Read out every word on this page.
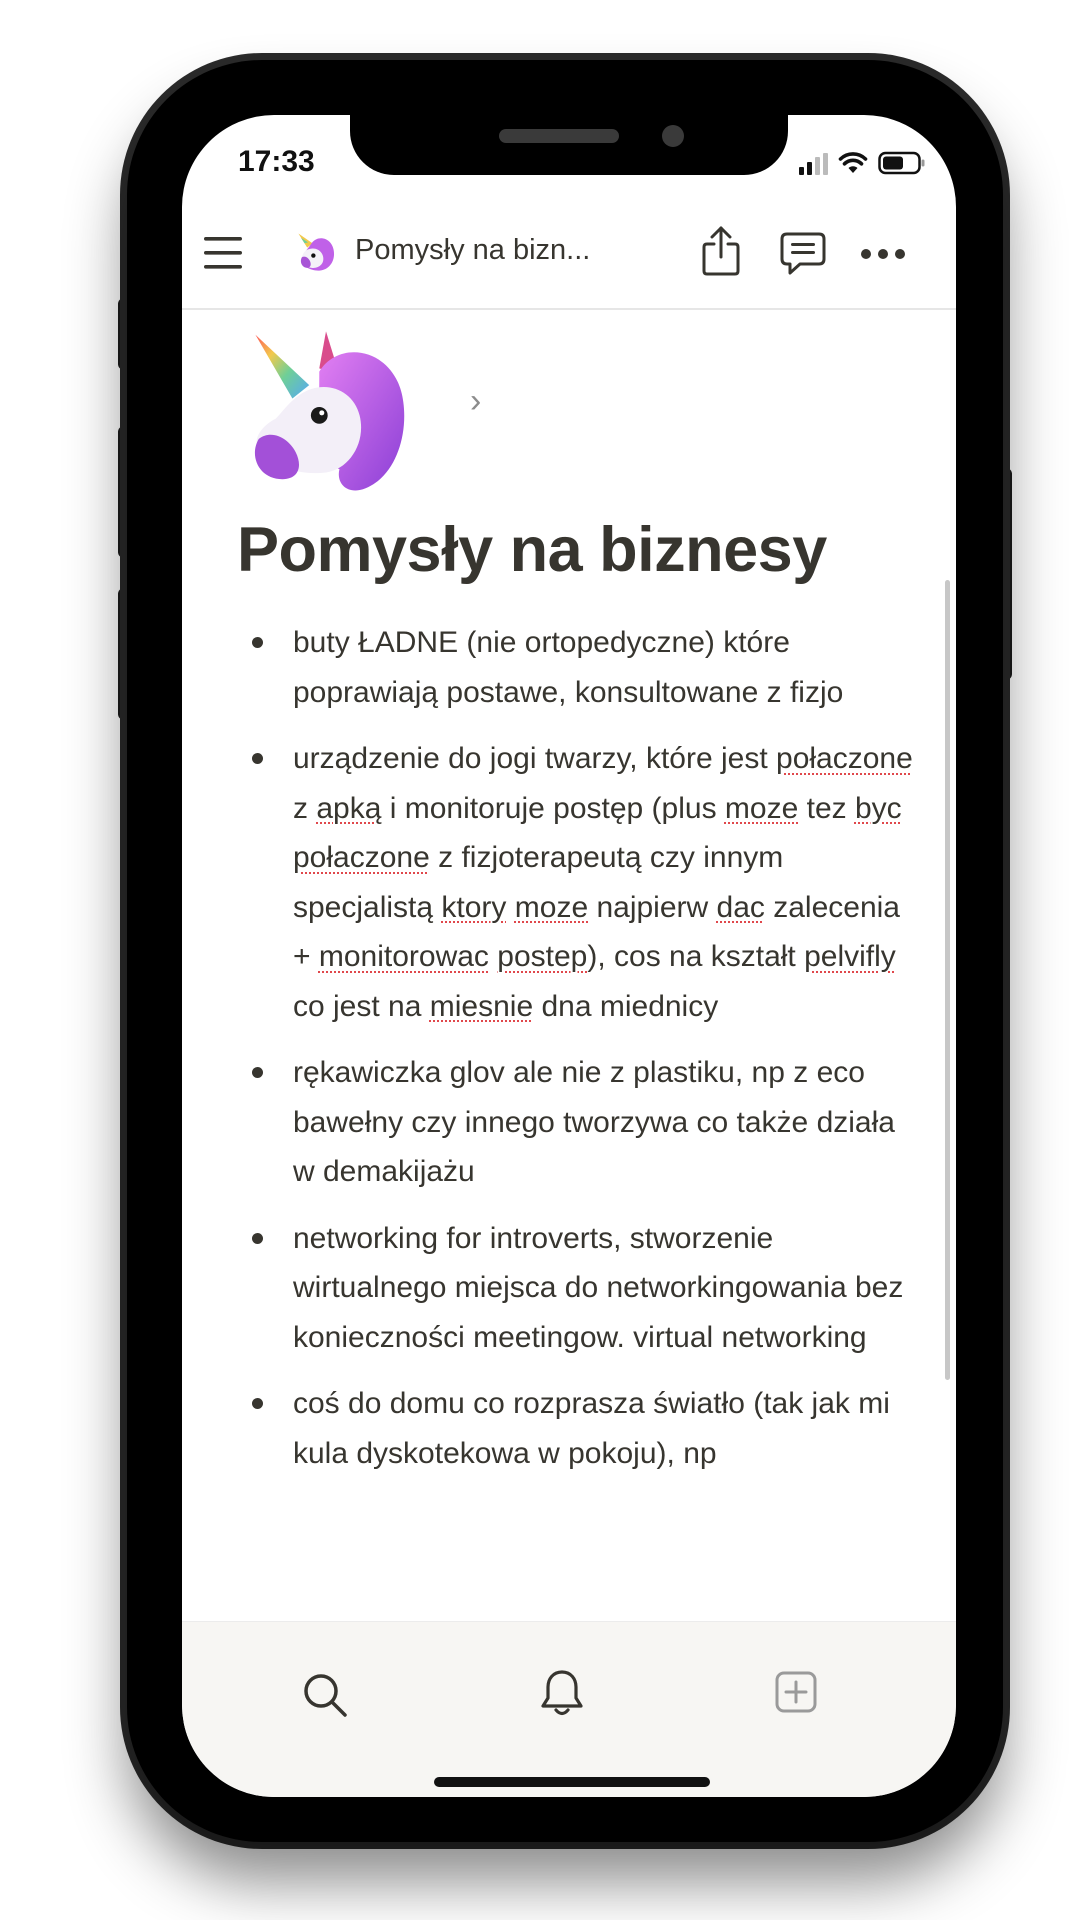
17:33
Pomysły na bizn...
›
Pomysły na biznesy
buty ŁADNE (nie ortopedyczne) które poprawiają postawe, konsultowane z fizjo
urządzenie do jogi twarzy, które jest połaczone z apką i monitoruje postęp (plus moze tez byc połaczone z fizjoterapeutą czy innym specjalistą ktory moze najpierw dac zalecenia + monitorowac postep), cos na kształt pelvifly co jest na miesnie dna miednicy
rękawiczka glov ale nie z plastiku, np z eco bawełny czy innego tworzywa co także działa w demakijażu
networking for introverts, stworzenie wirtualnego miejsca do networkingowania bez konieczności meetingow. virtual networking
coś do domu co rozprasza światło (tak jak mi kula dyskotekowa w pokoju), np
